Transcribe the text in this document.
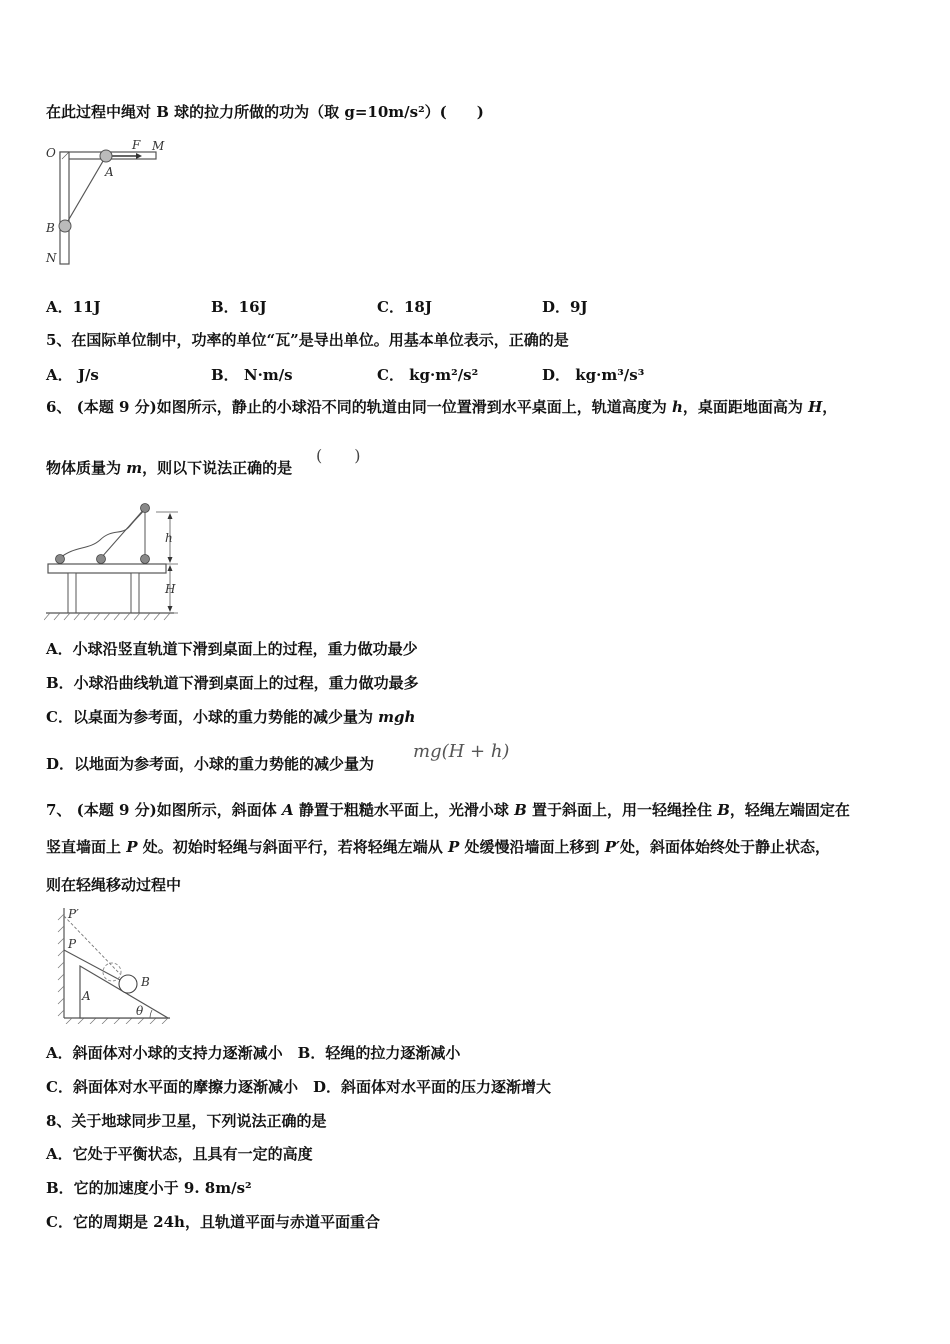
在此过程中绳对 B 球的拉力所做的功为（取 g=10m/s²）(　　)
O
F M
A
B
N
A．11J	B．16J	C．18J	D．9J
5、在国际单位制中，功率的单位“瓦”是导出单位。用基本单位表示，正确的是
A． J/s	B． N·m/s	C． kg·m²/s²	D． kg·m³/s³
6、 (本题 9 分)如图所示，静止的小球沿不同的轨道由同一位置滑到水平桌面上，轨道高度为 h，桌面距地面高为 H，
物体质量为 m，则以下说法正确的是
(　　)
h
H
A．小球沿竖直轨道下滑到桌面上的过程，重力做功最少
B．小球沿曲线轨道下滑到桌面上的过程，重力做功最多
C．以桌面为参考面，小球的重力势能的减少量为 mgh
D．以地面为参考面，小球的重力势能的减少量为
mg(H + h)
7、 (本题 9 分)如图所示，斜面体 A 静置于粗糙水平面上，光滑小球 B 置于斜面上，用一轻绳拴住 B，轻绳左端固定在
竖直墙面上 P 处。初始时轻绳与斜面平行，若将轻绳左端从 P 处缓慢沿墙面上移到 P′处，斜面体始终处于静止状态，
则在轻绳移动过程中
P′
P
B
A
θ
A．斜面体对小球的支持力逐渐减小　B．轻绳的拉力逐渐减小
C．斜面体对水平面的摩擦力逐渐减小　D．斜面体对水平面的压力逐渐增大
8、关于地球同步卫星，下列说法正确的是
A．它处于平衡状态，且具有一定的高度
B．它的加速度小于 9. 8m/s²
C．它的周期是 24h，且轨道平面与赤道平面重合
